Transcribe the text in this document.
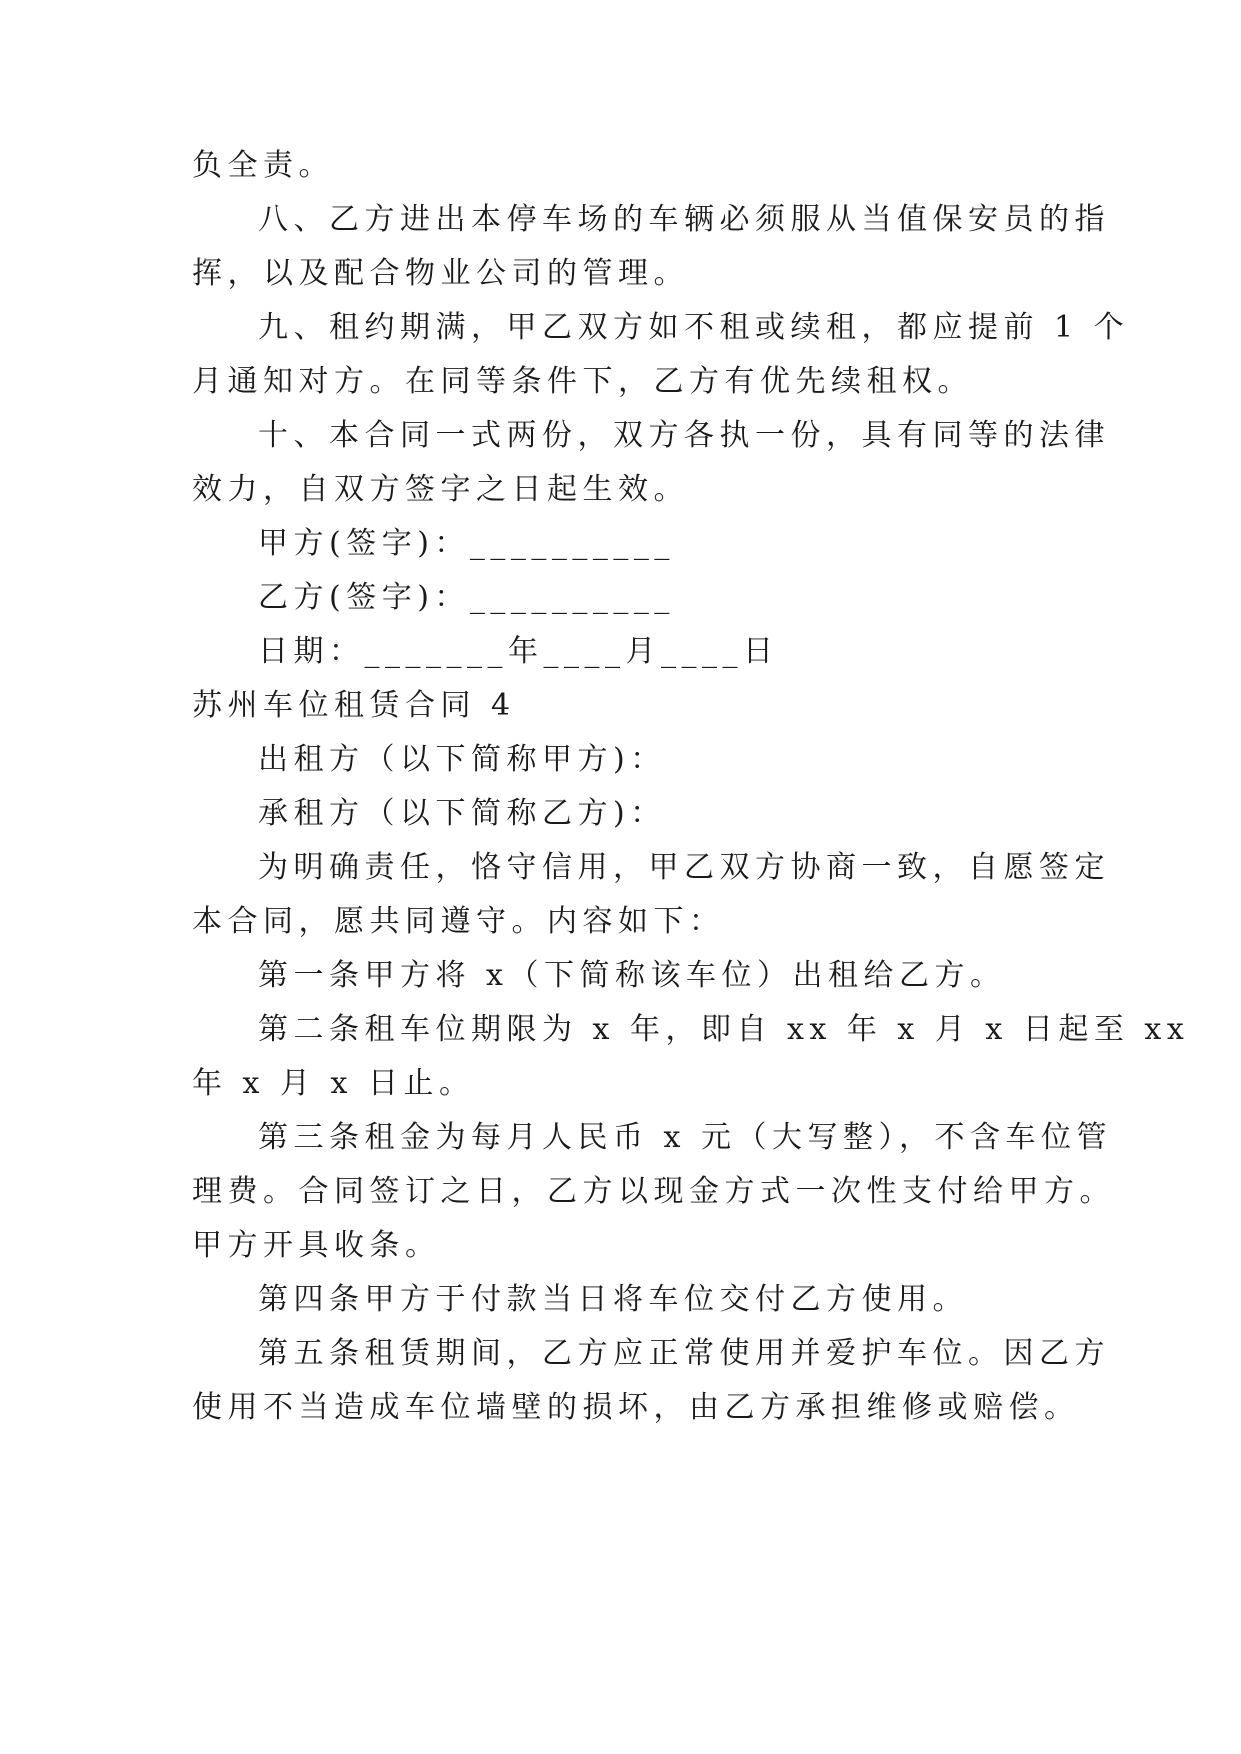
负全责。
八、乙方进出本停车场的车辆必须服从当值保安员的指
挥，以及配合物业公司的管理。
九、租约期满，甲乙双方如不租或续租，都应提前 1 个
月通知对方。在同等条件下，乙方有优先续租权。
十、本合同一式两份，双方各执一份，具有同等的法律
效力，自双方签字之日起生效。
甲方(签字)：__________
乙方(签字)：__________
日期：_______年____月____日
苏州车位租赁合同 4
出租方（以下简称甲方)：
承租方（以下简称乙方)：
为明确责任，恪守信用，甲乙双方协商一致，自愿签定
本合同，愿共同遵守。内容如下：
第一条甲方将 x（下简称该车位）出租给乙方。
第二条租车位期限为 x 年，即自 xx 年 x 月 x 日起至 xx
年 x 月 x 日止。
第三条租金为每月人民币 x 元（大写整），不含车位管
理费。合同签订之日，乙方以现金方式一次性支付给甲方。
甲方开具收条。
第四条甲方于付款当日将车位交付乙方使用。
第五条租赁期间，乙方应正常使用并爱护车位。因乙方
使用不当造成车位墙壁的损坏，由乙方承担维修或赔偿。
